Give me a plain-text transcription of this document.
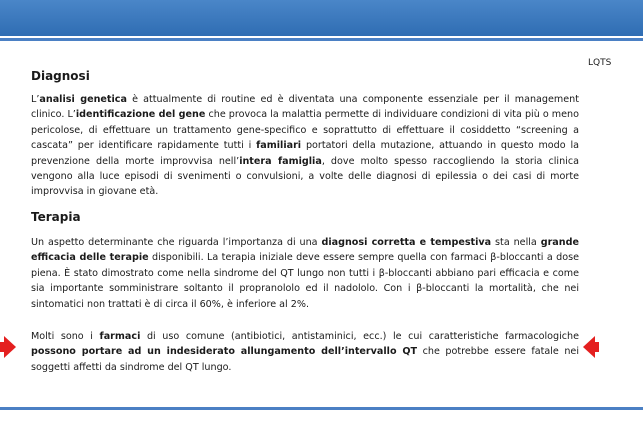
LQTS
Diagnosi

L’analisi genetica è attualmente di routine ed è diventata una componente essenziale per il management clinico. L’identificazione del gene che provoca la malattia permette di individuare condizioni di vita più o meno pericolose, di effettuare un trattamento gene-specifico e soprattutto di effettuare il cosiddetto “screening a cascata” per identificare rapidamente tutti i familiari portatori della mutazione, attuando in questo modo la prevenzione della morte improvvisa nell’intera famiglia, dove molto spesso raccogliendo la storia clinica vengono alla luce episodi di svenimenti o convulsioni, a volte delle diagnosi di epilessia o dei casi di morte improvvisa in giovane età.

Terapia

Un aspetto determinante che riguarda l’importanza di una diagnosi corretta e tempestiva sta nella grande efficacia delle terapie disponibili. La terapia iniziale deve essere sempre quella con farmaci β-bloccanti a dose piena. È stato dimostrato come nella sindrome del QT lungo non tutti i β-bloccanti abbiano pari efficacia e come sia importante somministrare soltanto il propranololo ed il nadololo. Con i β-bloccanti la mortalità, che nei sintomatici non trattati è di circa il 60%, è inferiore al 2%.

Molti sono i farmaci di uso comune (antibiotici, antistaminici, ecc.) le cui caratteristiche farmacologiche possono portare ad un indesiderato allungamento dell’intervallo QT che potrebbe essere fatale nei soggetti affetti da sindrome del QT lungo.
